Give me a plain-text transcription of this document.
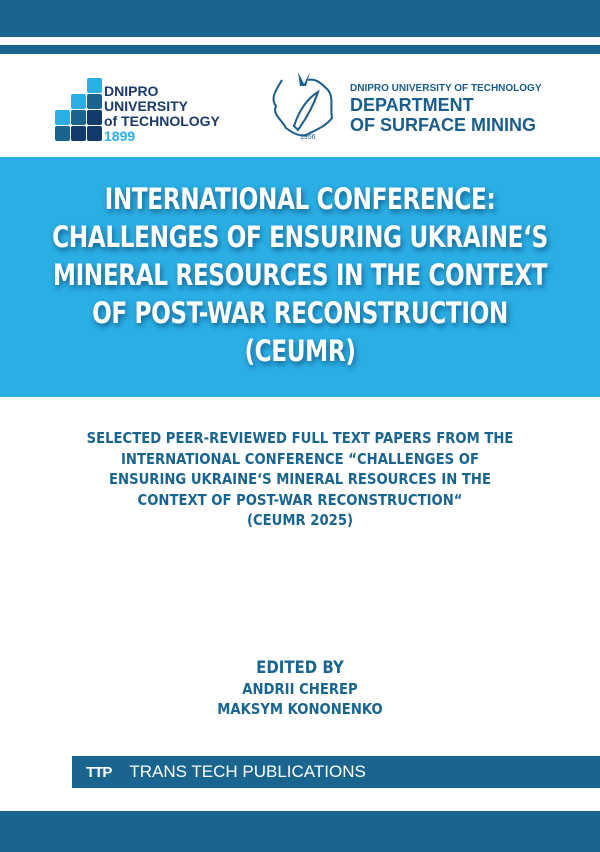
DNIPRO
UNIVERSITY
of TECHNOLOGY
1899	1956
DNIPRO UNIVERSITY OF TECHNOLOGY
DEPARTMENT
OF SURFACE MINING
INTERNATIONAL CONFERENCE:
CHALLENGES OF ENSURING UKRAINE‘S
MINERAL RESOURCES IN THE CONTEXT
OF POST-WAR RECONSTRUCTION
(CEUMR)
SELECTED PEER-REVIEWED FULL TEXT PAPERS FROM THE
INTERNATIONAL CONFERENCE “CHALLENGES OF
ENSURING UKRAINE‘S MINERAL RESOURCES IN THE
CONTEXT OF POST-WAR RECONSTRUCTION“
(CEUMR 2025)
EDITED BY
ANDRII CHEREP
MAKSYM KONONENKO
TTP TRANS TECH PUBLICATIONS
